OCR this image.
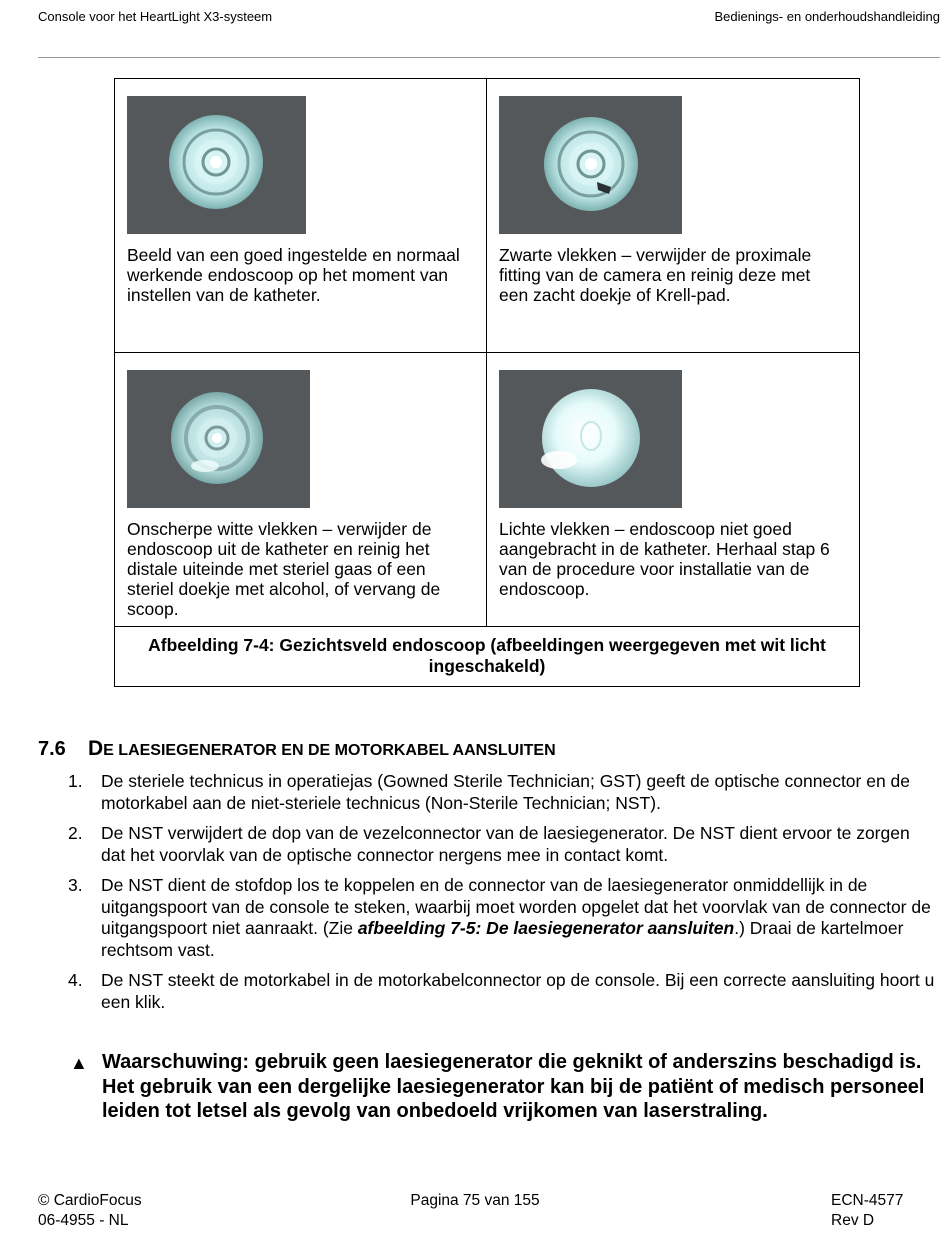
Console voor het HeartLight X3-systeem	Bedienings- en onderhoudshandleiding
Beeld van een goed ingestelde en normaal werkende endoscoop op het moment van instellen van de katheter.
Zwarte vlekken – verwijder de proximale fitting van de camera en reinig deze met een zacht doekje of Krell-pad.
Onscherpe witte vlekken – verwijder de endoscoop uit de katheter en reinig het distale uiteinde met steriel gaas of een steriel doekje met alcohol, of vervang de scoop.
Lichte vlekken – endoscoop niet goed aangebracht in de katheter. Herhaal stap 6 van de procedure voor installatie van de endoscoop.
Afbeelding 7-4: Gezichtsveld endoscoop (afbeeldingen weergegeven met wit licht ingeschakeld)
7.6 DE LAESIEGENERATOR EN DE MOTORKABEL AANSLUITEN
1. De steriele technicus in operatiejas (Gowned Sterile Technician; GST) geeft de optische connector en de motorkabel aan de niet-steriele technicus (Non-Sterile Technician; NST).
2. De NST verwijdert de dop van de vezelconnector van de laesiegenerator. De NST dient ervoor te zorgen dat het voorvlak van de optische connector nergens mee in contact komt.
3. De NST dient de stofdop los te koppelen en de connector van de laesiegenerator onmiddellijk in de uitgangspoort van de console te steken, waarbij moet worden opgelet dat het voorvlak van de connector de uitgangspoort niet aanraakt. (Zie afbeelding 7-5: De laesiegenerator aansluiten.) Draai de kartelmoer rechtsom vast.
4. De NST steekt de motorkabel in de motorkabelconnector op de console. Bij een correcte aansluiting hoort u een klik.
▲ Waarschuwing: gebruik geen laesiegenerator die geknikt of anderszins beschadigd is. Het gebruik van een dergelijke laesiegenerator kan bij de patiënt of medisch personeel leiden tot letsel als gevolg van onbedoeld vrijkomen van laserstraling.
© CardioFocus
06-4955 - NL
Pagina 75 van 155	ECN-4577
Rev D
